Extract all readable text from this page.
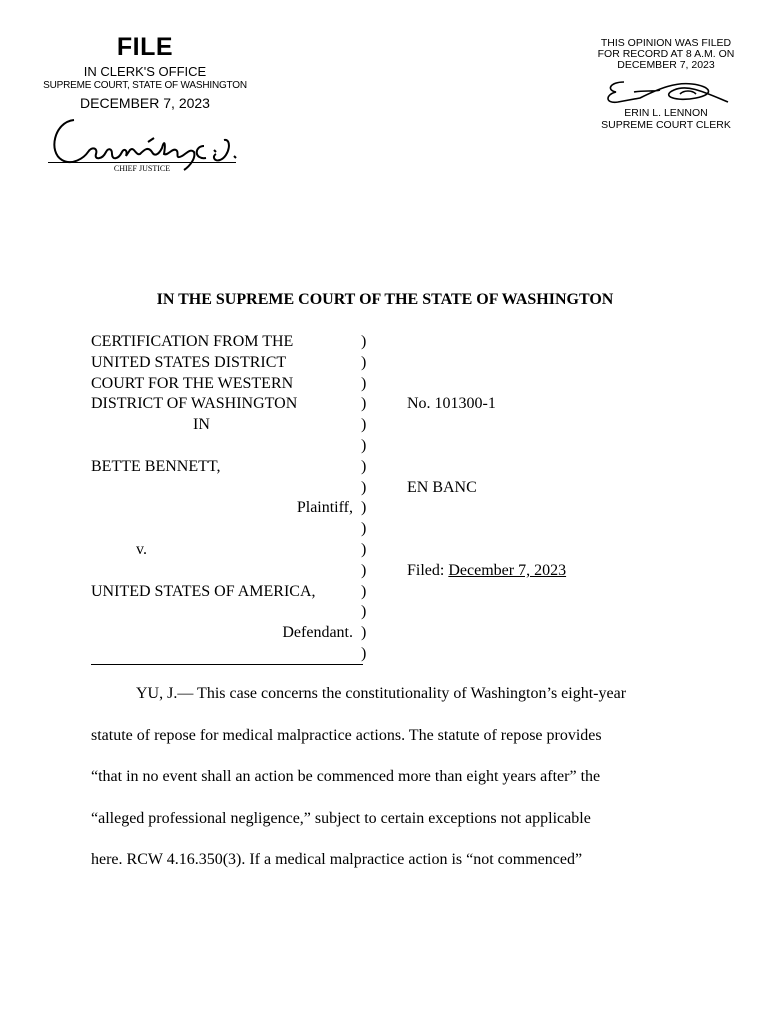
FILE
IN CLERK'S OFFICE
SUPREME COURT, STATE OF WASHINGTON
DECEMBER 7, 2023
CHIEF JUSTICE
THIS OPINION WAS FILED
FOR RECORD AT 8 A.M. ON
DECEMBER 7, 2023
ERIN L. LENNON
SUPREME COURT CLERK
IN THE SUPREME COURT OF THE STATE OF WASHINGTON
CERTIFICATION FROM THE
UNITED STATES DISTRICT
COURT FOR THE WESTERN
DISTRICT OF WASHINGTON
IN
BETTE BENNETT,
Plaintiff,
v.
UNITED STATES OF AMERICA,
Defendant.
)
)
)
)
)
)
)
)
)
)
)
)
)
)
)
)
No. 101300-1
EN BANC
Filed: December 7, 2023
YU, J.— This case concerns the constitutionality of Washington’s eight-year
statute of repose for medical malpractice actions. The statute of repose provides
“that in no event shall an action be commenced more than eight years after” the
“alleged professional negligence,” subject to certain exceptions not applicable
here. RCW 4.16.350(3). If a medical malpractice action is “not commenced”
